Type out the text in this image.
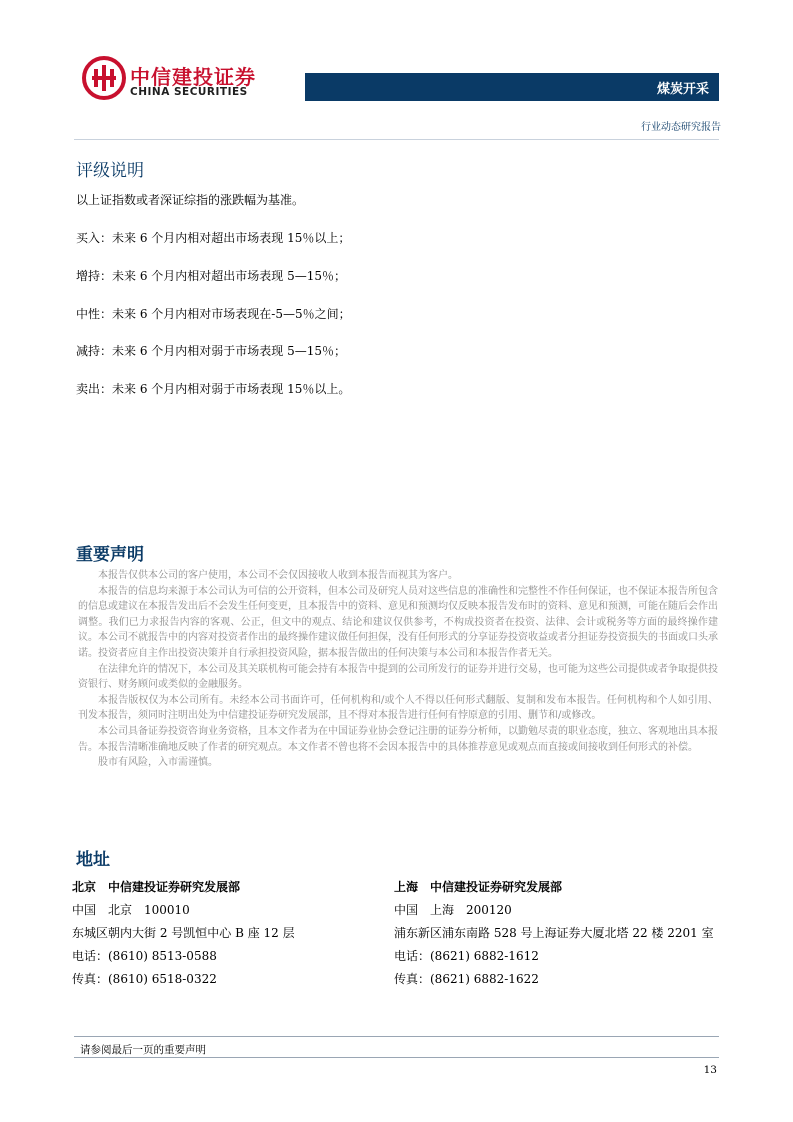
中信建投证券
CHINA SECURITIES	煤炭开采
行业动态研究报告
评级说明
以上证指数或者深证综指的涨跌幅为基准。
买入：未来 6 个月内相对超出市场表现 15％以上；
增持：未来 6 个月内相对超出市场表现 5—15％；
中性：未来 6 个月内相对市场表现在-5—5％之间；
减持：未来 6 个月内相对弱于市场表现 5—15％；
卖出：未来 6 个月内相对弱于市场表现 15％以上。
重要声明

本报告仅供本公司的客户使用，本公司不会仅因接收人收到本报告而视其为客户。

本报告的信息均来源于本公司认为可信的公开资料，但本公司及研究人员对这些信息的准确性和完整性不作任何保证，也不保证本报告所包含的信息或建议在本报告发出后不会发生任何变更，且本报告中的资料、意见和预测均仅反映本报告发布时的资料、意见和预测，可能在随后会作出调整。我们已力求报告内容的客观、公正，但文中的观点、结论和建议仅供参考，不构成投资者在投资、法律、会计或税务等方面的最终操作建议。本公司不就报告中的内容对投资者作出的最终操作建议做任何担保，没有任何形式的分享证券投资收益或者分担证券投资损失的书面或口头承诺。投资者应自主作出投资决策并自行承担投资风险，据本报告做出的任何决策与本公司和本报告作者无关。

在法律允许的情况下，本公司及其关联机构可能会持有本报告中提到的公司所发行的证券并进行交易，也可能为这些公司提供或者争取提供投资银行、财务顾问或类似的金融服务。

本报告版权仅为本公司所有。未经本公司书面许可，任何机构和/或个人不得以任何形式翻版、复制和发布本报告。任何机构和个人如引用、刊发本报告，须同时注明出处为中信建投证券研究发展部，且不得对本报告进行任何有悖原意的引用、删节和/或修改。

本公司具备证券投资咨询业务资格，且本文作者为在中国证券业协会登记注册的证券分析师，以勤勉尽责的职业态度，独立、客观地出具本报告。本报告清晰准确地反映了作者的研究观点。本文作者不曾也将不会因本报告中的具体推荐意见或观点而直接或间接收到任何形式的补偿。

股市有风险，入市需谨慎。

地址
北京　中信建投证券研究发展部
中国　北京　100010
东城区朝内大街 2 号凯恒中心 B 座 12 层
电话：(8610) 8513-0588
传真：(8610) 6518-0322
上海　中信建投证券研究发展部
中国　上海　200120
浦东新区浦东南路 528 号上海证券大厦北塔 22 楼 2201 室
电话：(8621) 6882-1612
传真：(8621) 6882-1622
请参阅最后一页的重要声明
13
